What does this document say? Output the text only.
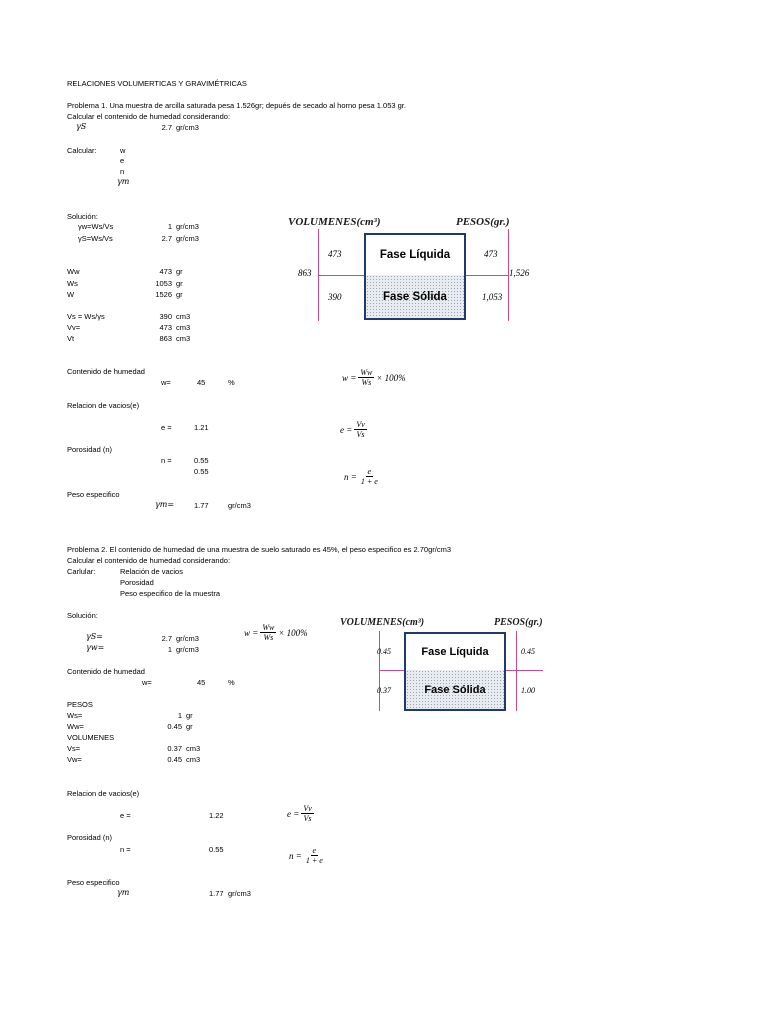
RELACIONES VOLUMERTICAS Y GRAVIMÉTRICAS
Problema 1. Una muestra de arcilla saturada pesa 1.526gr; depués de secado al horno pesa 1.053 gr.
Calcular el contenido de humedad considerando:
γS	2.7 gr/cm3
Calcular:	w
e
n
γm
Solución:
γw=Ws/Vs	1 gr/cm3
γS=Ws/Vs	2.7 gr/cm3
Ww	473 gr
Ws	1053 gr
W	1526 gr
Vs = Ws/γs	390 cm3
Vv=	473 cm3
Vt	863 cm3
Contenido de humedad
w=	45	%
Relacion de vacios(e)
e =	1.21
Porosidad (n)
n =	0.55
0.55
Peso especifico
γm=	1.77	gr/cm3
$w = \frac{Ww}{Ws} \times 100\%$
$e = \frac{Vv}{Vs}$
$n = \frac{e}{1 + e}$
VOLUMENES(cm³)	PESOS(gr.)
Fase Líquida
Fase Sólida
473
390
863
473
1,053
1,526
Problema 2. El contenido de humedad de una muestra de suelo saturado es 45%, el peso especifico es 2.70gr/cm3
Calcular el contenido de humedad considerando:
Carlular:	Relación de vacios
Porosidad
Peso especifico de la muestra
Solución:
γS=	2.7 gr/cm3
γw=	1 gr/cm3
Contenido de humedad
w=	45	%
PESOS
Ws=	1 gr
Ww=	0.45 gr
VOLUMENES
Vs=	0.37 cm3
Vw=	0.45 cm3
Relacion de vacios(e)
e =	1.22
Porosidad (n)
n =	0.55
Peso especifico
γm	1.77 gr/cm3
$w = \frac{Ww}{Ws} \times 100\%$
$e = \frac{Vv}{Vs}$
$n = \frac{e}{1 + e}$
VOLUMENES(cm³)	PESOS(gr.)
Fase Líquida
Fase Sólida
0.45
0.37
0.45
1.00
